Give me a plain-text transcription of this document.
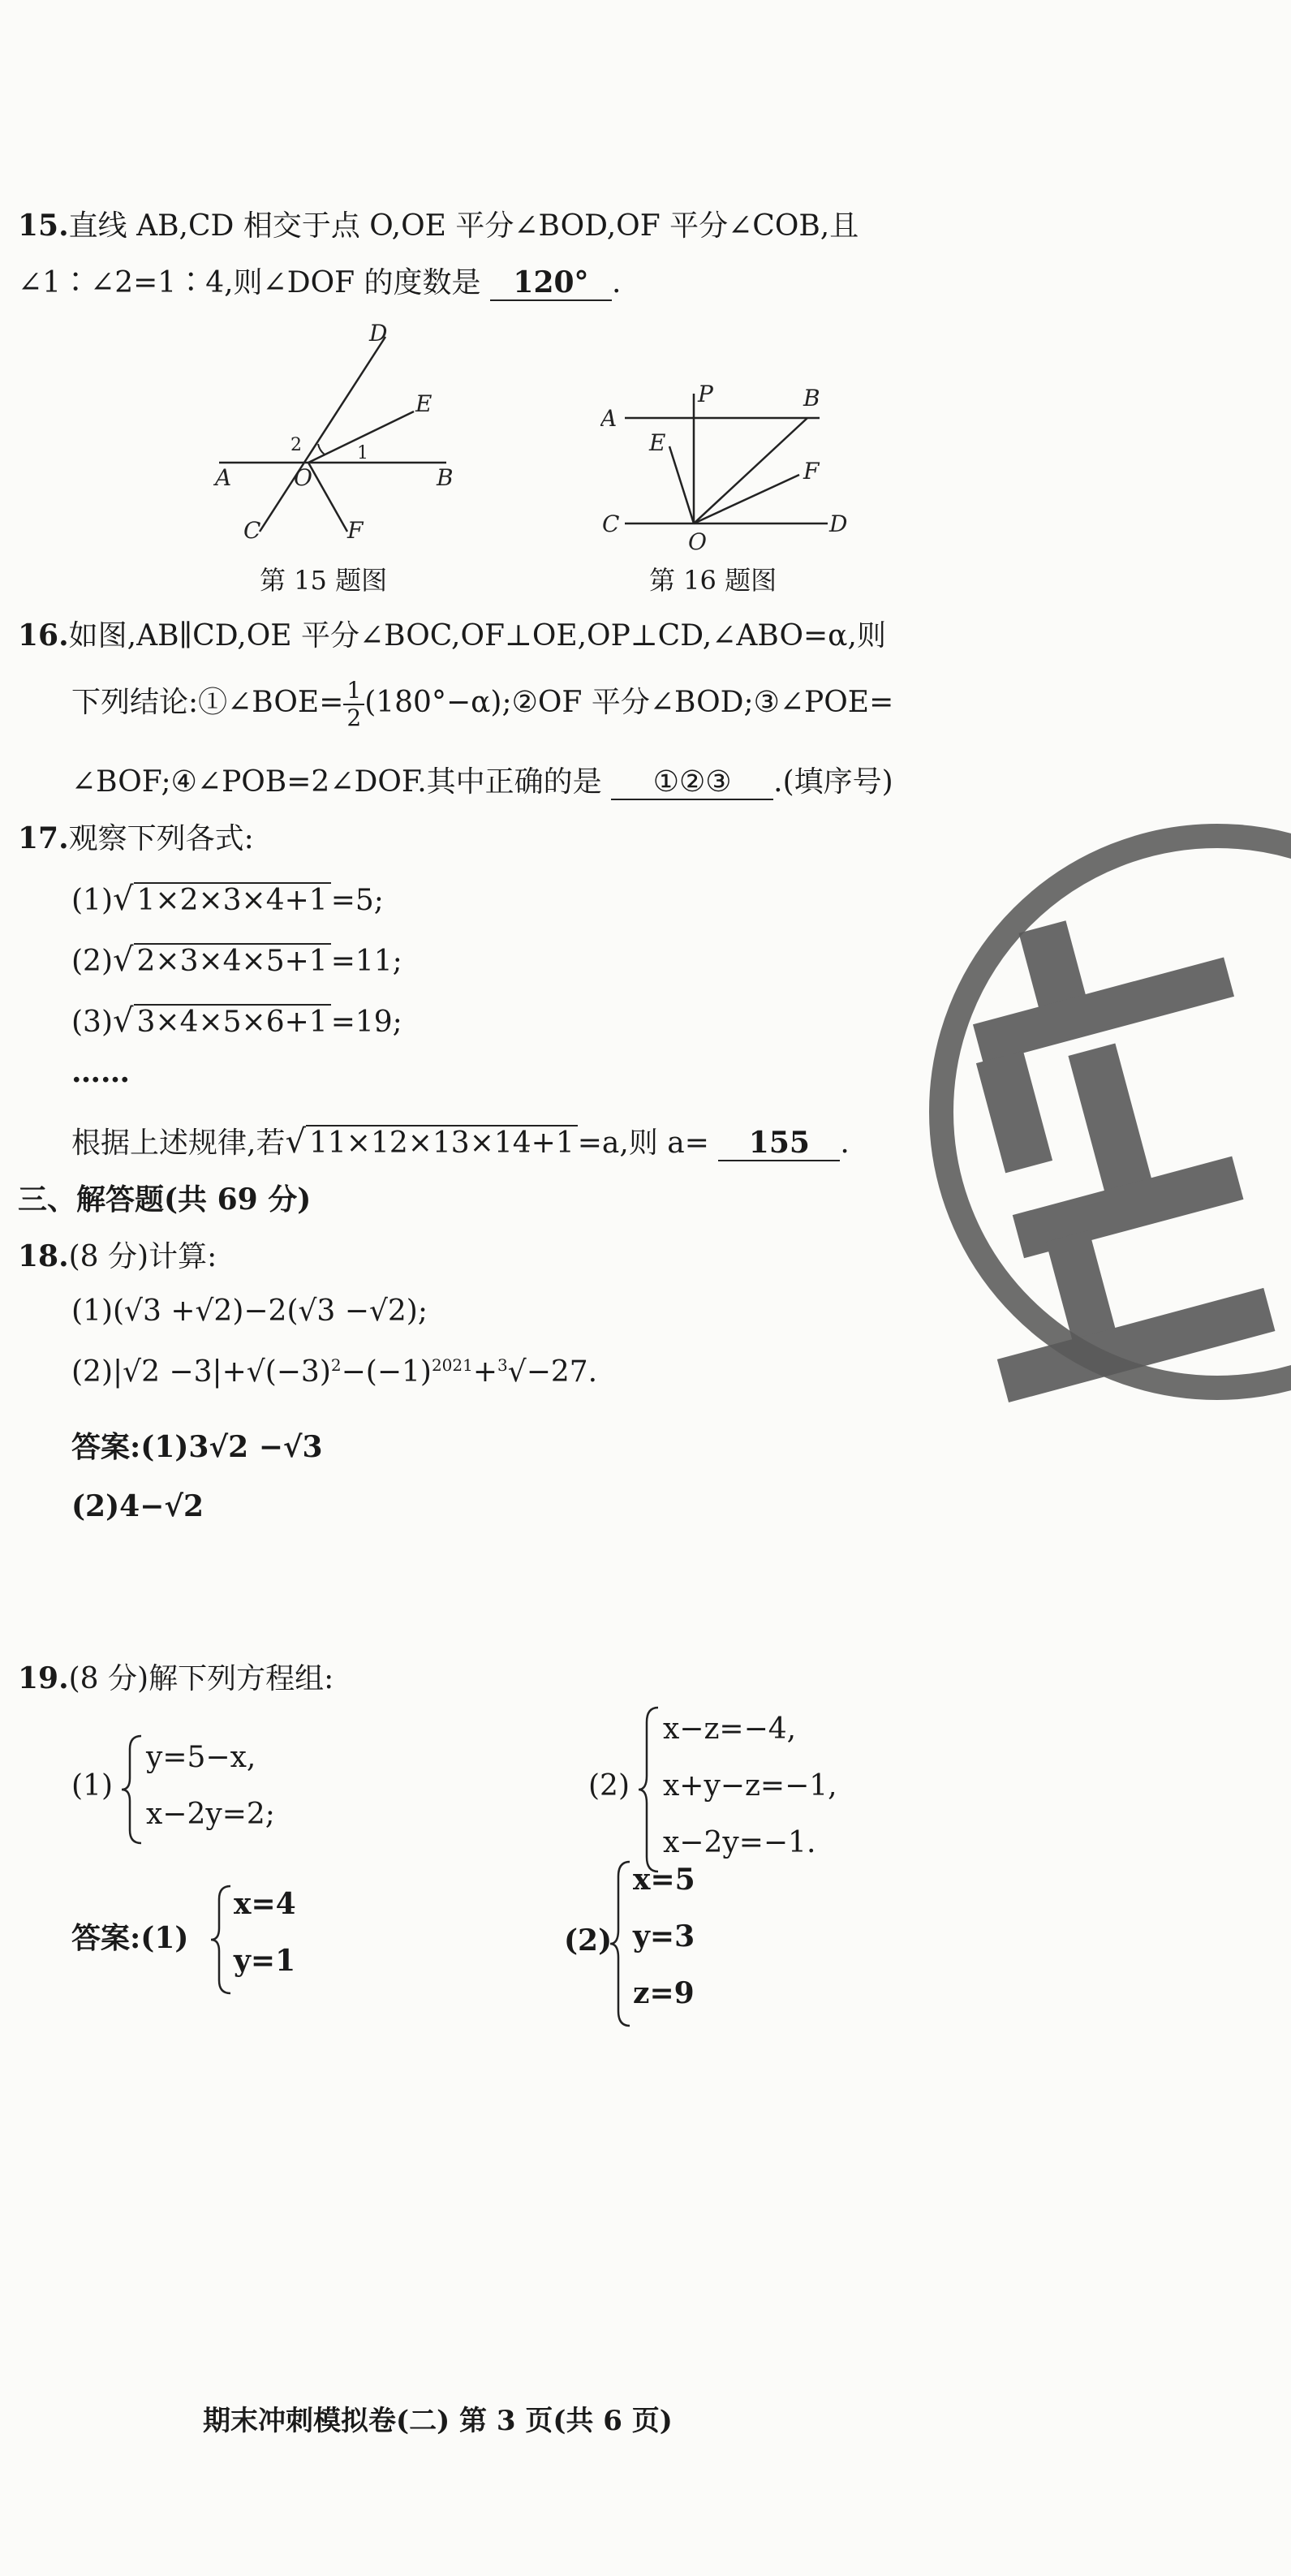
15.直线 AB,CD 相交于点 O,OE 平分∠BOD,OF 平分∠COB,且
∠1∶∠2=1∶4,则∠DOF 的度数是 120° .
D
E
A	O	B
C	F
1
2
第 15 题图
A
P	B
E
F
C
O
D
第 16 题图
16.如图,AB∥CD,OE 平分∠BOC,OF⊥OE,OP⊥CD,∠ABO=α,则
下列结论:①∠BOE= $\frac{1}{2}$ (180°−α);②OF 平分∠BOD;③∠POE=
∠BOF;④∠POB=2∠DOF.其中正确的是 ①②③ .(填序号)
17.观察下列各式:
(1)√ 1×2×3×4+1 =5;
(2)√ 2×3×4×5+1 =11;
(3)√ 3×4×5×6+1 =19;
……
根据上述规律,若√ 11×12×13×14+1 =a,则 a= 155 .
三、解答题(共 69 分)
18.(8 分)计算:
(1)(√3 +√2)−2(√3 −√2);
$(2)|√2 -3|+√(-3)^2-(-1)^{2021}+^3√-27$.
答案:(1)3√2 −√3
(2)4−√2
19.(8 分)解下列方程组:
(1)
y=5−x,
x−2y=2;
(2)
x−z=−4,
x+y−z=−1,
x−2y=−1.
答案:(1)
x=4
y=1
(2)
x=5
y=3
z=9
期末冲刺模拟卷(二) 第 3 页(共 6 页)
